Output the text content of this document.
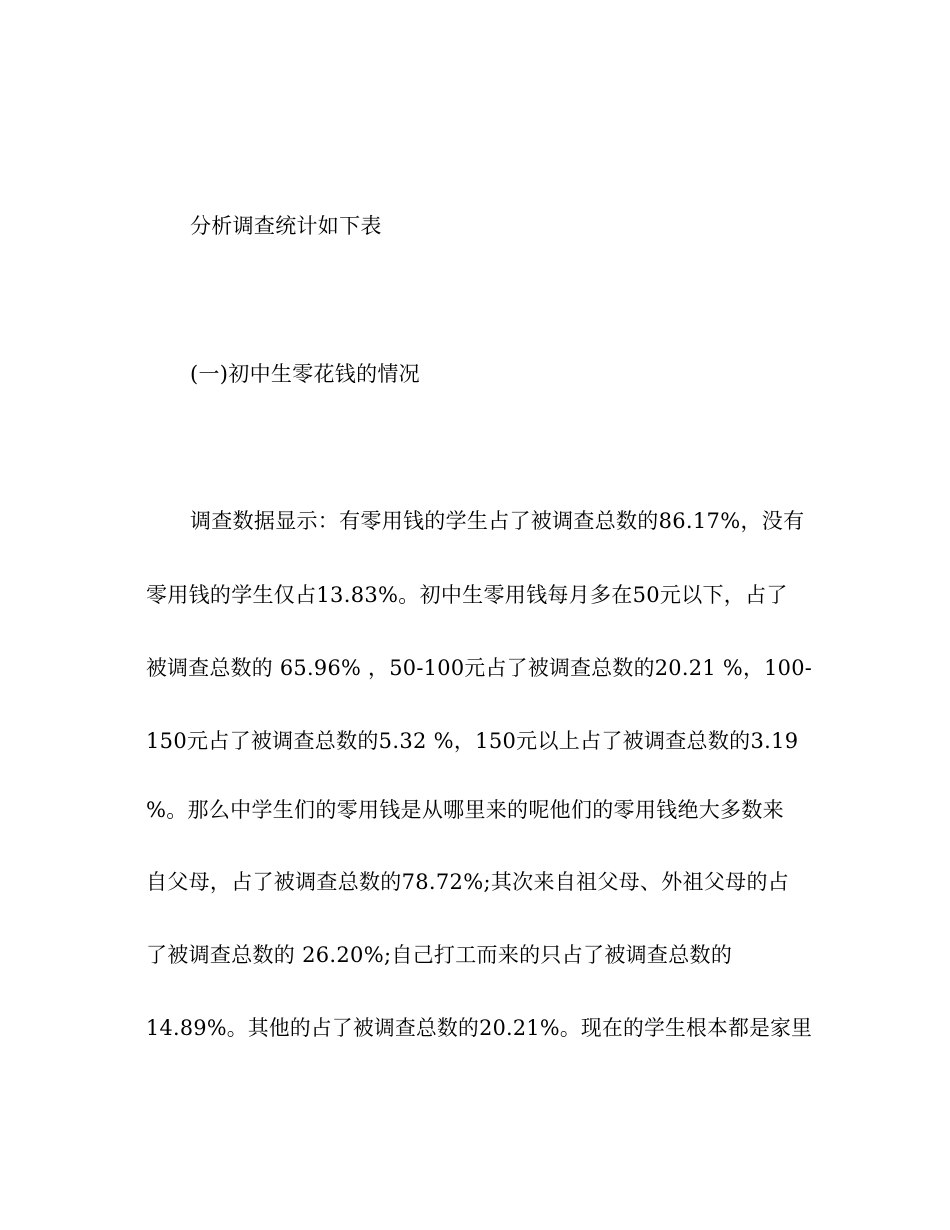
分析调查统计如下表
(一)初中生零花钱的情况
调查数据显示：有零用钱的学生占了被调查总数的86.17%，没有
零用钱的学生仅占13.83%。初中生零用钱每月多在50元以下，占了
被调查总数的 65.96% ，50-100元占了被调查总数的20.21 %，100-
150元占了被调查总数的5.32 %，150元以上占了被调查总数的3.19
%。那么中学生们的零用钱是从哪里来的呢他们的零用钱绝大多数来
自父母，占了被调查总数的78.72%;其次来自祖父母、外祖父母的占
了被调查总数的 26.20%;自己打工而来的只占了被调查总数的
14.89%。其他的占了被调查总数的20.21%。现在的学生根本都是家里
